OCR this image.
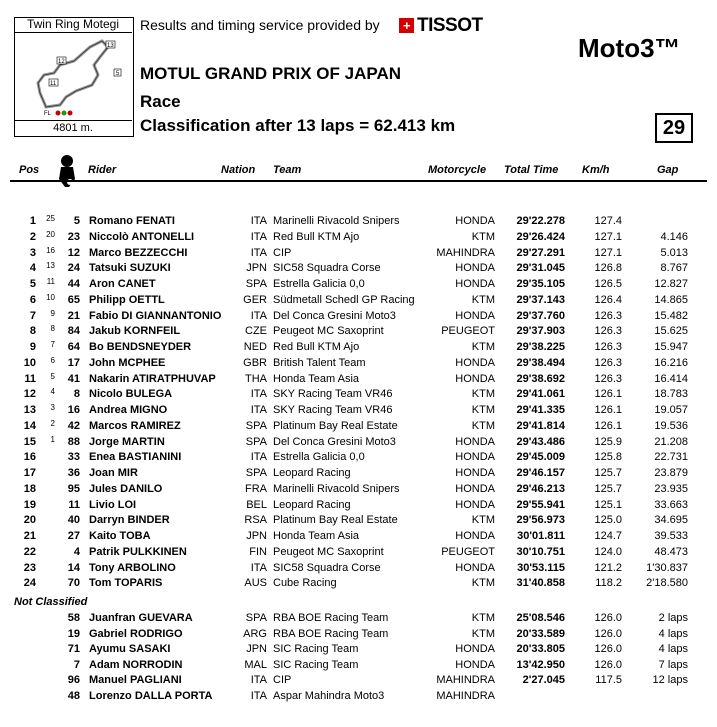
Twin Ring Motegi
13
12
5
11
FL
4801 m.
Results and timing service provided by	+ TISSOT
Moto3™
MOTUL GRAND PRIX OF JAPAN
Race
Classification after 13 laps = 62.413 km	29
Pos	Rider	Nation Team	Motorcycle Total Time Km/h	Gap
1	25	5 Romano FENATI	ITA Marinelli Rivacold Snipers	HONDA	29'22.278	127.4
2	20	23 Niccolò ANTONELLI	ITA Red Bull KTM Ajo	KTM	29'26.424	127.1	4.146
3	16	12 Marco BEZZECCHI	ITA CIP	MAHINDRA	29'27.291	127.1	5.013
4	13	24 Tatsuki SUZUKI	JPN SIC58 Squadra Corse	HONDA	29'31.045	126.8	8.767
5	11	44 Aron CANET	SPA Estrella Galicia 0,0	HONDA	29'35.105	126.5	12.827
6	10	65 Philipp OETTL	GER Südmetall Schedl GP Racing	KTM	29'37.143	126.4	14.865
7	9	21 Fabio DI GIANNANTONIO	ITA Del Conca Gresini Moto3	HONDA	29'37.760	126.3	15.482
8	8	84 Jakub KORNFEIL	CZE Peugeot MC Saxoprint	PEUGEOT	29'37.903	126.3	15.625
9	7	64 Bo BENDSNEYDER	NED Red Bull KTM Ajo	KTM	29'38.225	126.3	15.947
10	6	17 John MCPHEE	GBR British Talent Team	HONDA	29'38.494	126.3	16.216
11	5	41 Nakarin ATIRATPHUVAP	THA Honda Team Asia	HONDA	29'38.692	126.3	16.414
12	4	8 Nicolo BULEGA	ITA SKY Racing Team VR46	KTM	29'41.061	126.1	18.783
13	3	16 Andrea MIGNO	ITA SKY Racing Team VR46	KTM	29'41.335	126.1	19.057
14	2	42 Marcos RAMIREZ	SPA Platinum Bay Real Estate	KTM	29'41.814	126.1	19.536
15	1	88 Jorge MARTIN	SPA Del Conca Gresini Moto3	HONDA	29'43.486	125.9	21.208
16	33 Enea BASTIANINI	ITA Estrella Galicia 0,0	HONDA	29'45.009	125.8	22.731
17	36 Joan MIR	SPA Leopard Racing	HONDA	29'46.157	125.7	23.879
18	95 Jules DANILO	FRA Marinelli Rivacold Snipers	HONDA	29'46.213	125.7	23.935
19	11 Livio LOI	BEL Leopard Racing	HONDA	29'55.941	125.1	33.663
20	40 Darryn BINDER	RSA Platinum Bay Real Estate	KTM	29'56.973	125.0	34.695
21	27 Kaito TOBA	JPN Honda Team Asia	HONDA	30'01.811	124.7	39.533
22	4 Patrik PULKKINEN	FIN Peugeot MC Saxoprint	PEUGEOT	30'10.751	124.0	48.473
23	14 Tony ARBOLINO	ITA SIC58 Squadra Corse	HONDA	30'53.115	121.2	1'30.837
24	70 Tom TOPARIS	AUS Cube Racing	KTM	31'40.858	118.2	2'18.580
Not Classified
58 Juanfran GUEVARA	SPA RBA BOE Racing Team	KTM	25'08.546	126.0	2 laps
19 Gabriel RODRIGO	ARG RBA BOE Racing Team	KTM	20'33.589	126.0	4 laps
71 Ayumu SASAKI	JPN SIC Racing Team	HONDA	20'33.805	126.0	4 laps
7 Adam NORRODIN	MAL SIC Racing Team	HONDA	13'42.950	126.0	7 laps
96 Manuel PAGLIANI	ITA CIP	MAHINDRA	2'27.045	117.5	12 laps
48 Lorenzo DALLA PORTA	ITA Aspar Mahindra Moto3	MAHINDRA
